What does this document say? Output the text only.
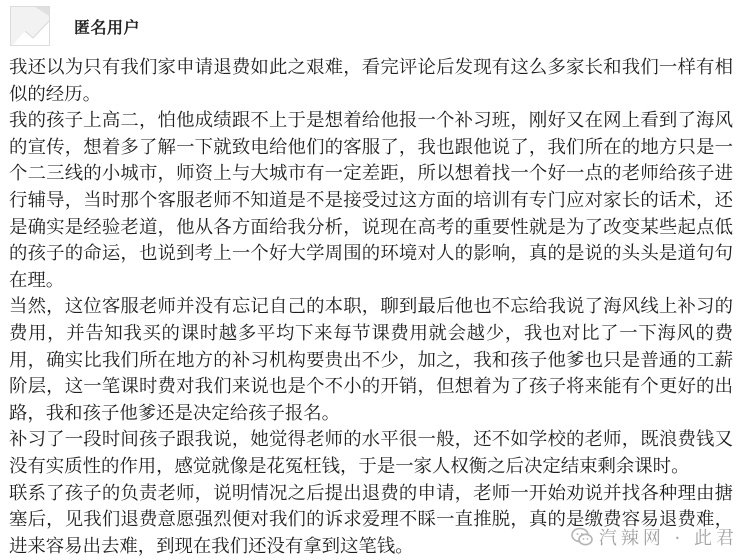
匿名用户

我还以为只有我们家申请退费如此之艰难，看完评论后发现有这么多家长和我们一样有相似的经历。

我的孩子上高二，怕他成绩跟不上于是想着给他报一个补习班，刚好又在网上看到了海风的宣传，想着多了解一下就致电给他们的客服了，我也跟他说了，我们所在的地方只是一个二三线的小城市，师资上与大城市有一定差距，所以想着找一个好一点的老师给孩子进行辅导，当时那个客服老师不知道是不是接受过这方面的培训有专门应对家长的话术，还是确实是经验老道，他从各方面给我分析，说现在高考的重要性就是为了改变某些起点低的孩子的命运，也说到考上一个好大学周围的环境对人的影响，真的是说的头头是道句句在理。

当然，这位客服老师并没有忘记自己的本职，聊到最后他也不忘给我说了海风线上补习的费用，并告知我买的课时越多平均下来每节课费用就会越少，我也对比了一下海风的费用，确实比我们所在地方的补习机构要贵出不少，加之，我和孩子他爹也只是普通的工薪阶层，这一笔课时费对我们来说也是个不小的开销，但想着为了孩子将来能有个更好的出路，我和孩子他爹还是决定给孩子报名。

补习了一段时间孩子跟我说，她觉得老师的水平很一般，还不如学校的老师，既浪费钱又没有实质性的作用，感觉就像是花冤枉钱，于是一家人权衡之后决定结束剩余课时。

联系了孩子的负责老师，说明情况之后提出退费的申请，老师一开始劝说并找各种理由搪塞后，见我们退费意愿强烈便对我们的诉求爱理不睬一直推脱，真的是缴费容易退费难，进来容易出去难，到现在我们还没有拿到这笔钱。	汽辣网 · 此君
